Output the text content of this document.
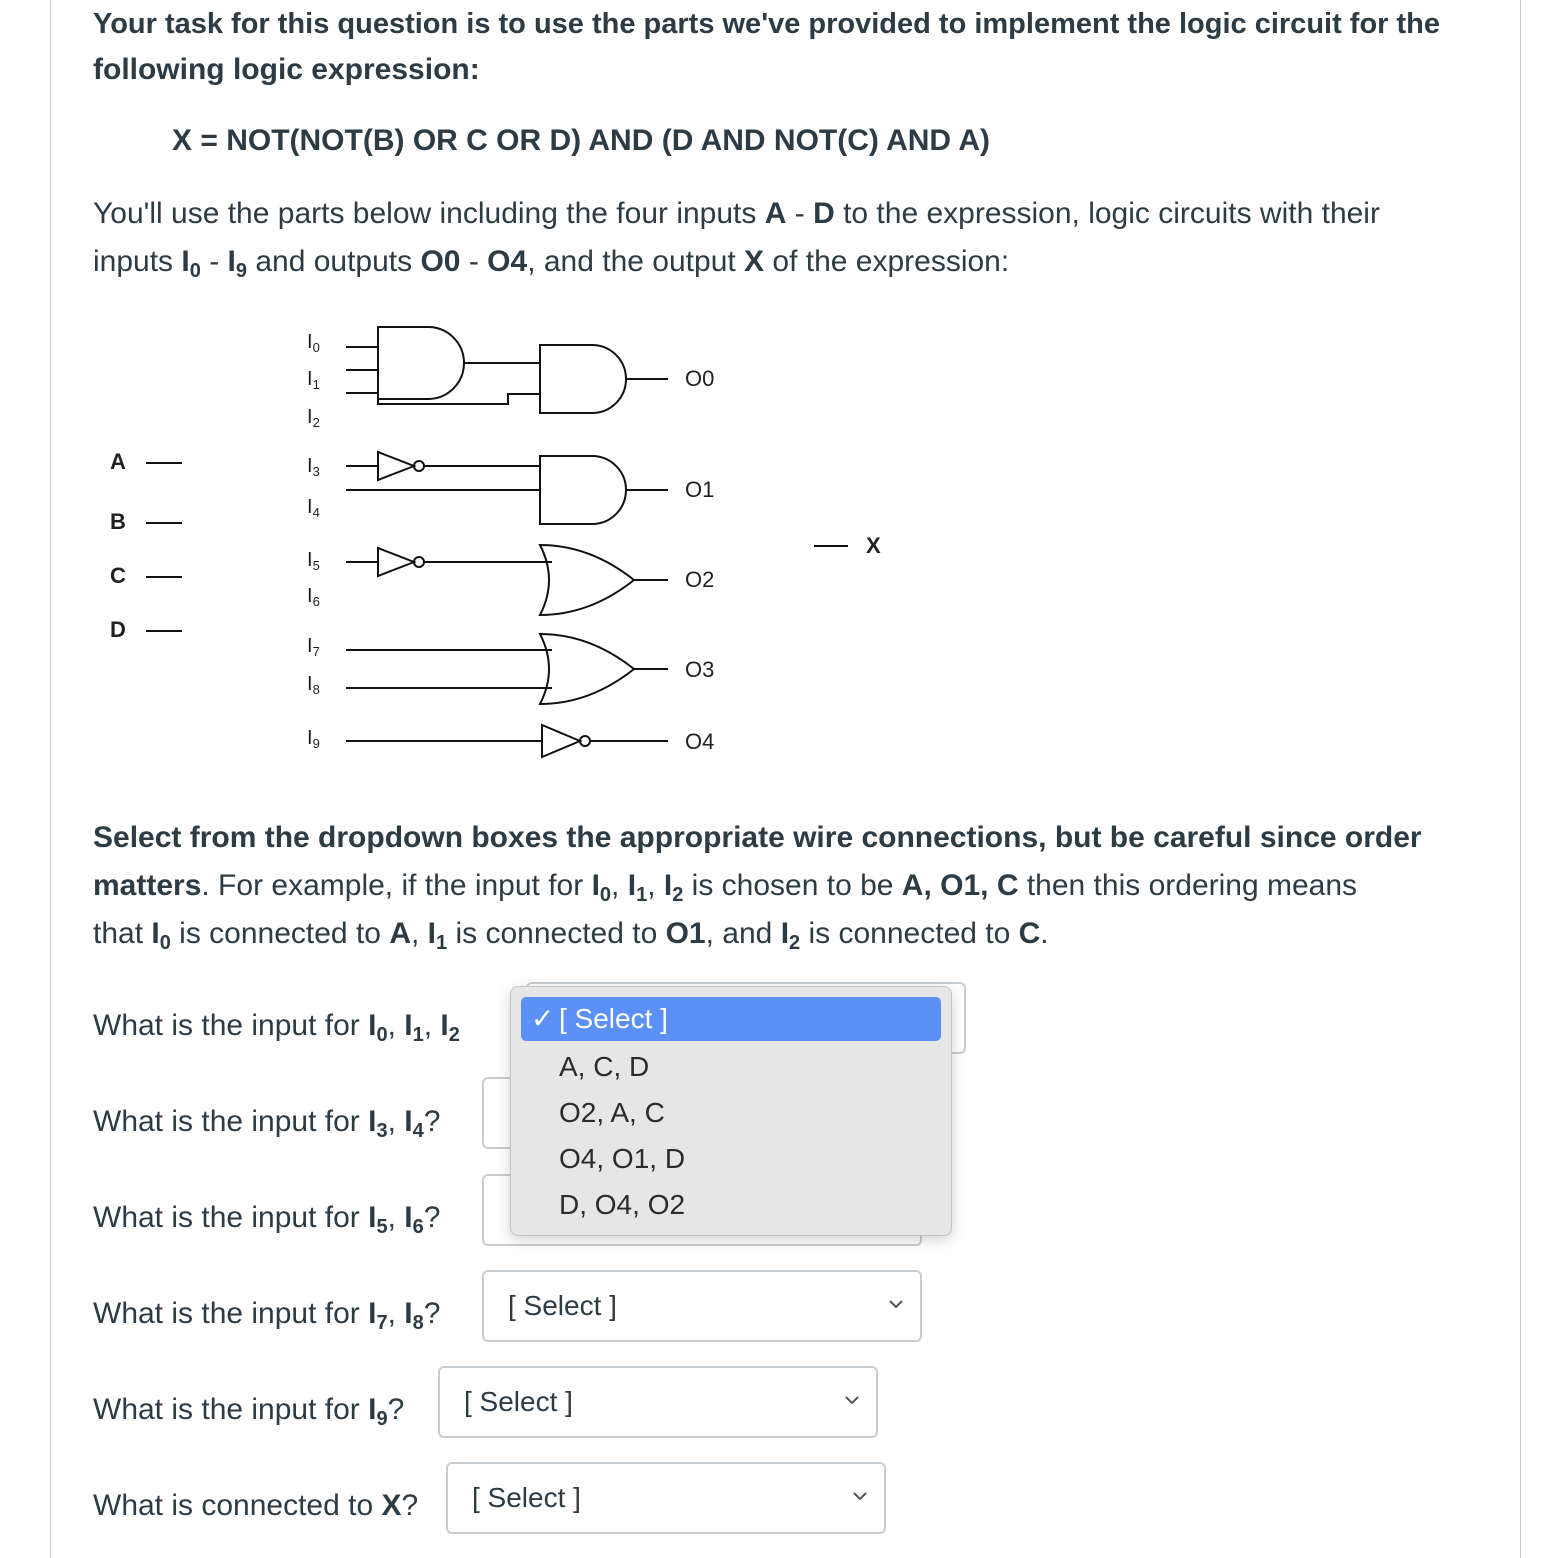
Your task for this question is to use the parts we've provided to implement the logic circuit for the

following logic expression:

X = NOT(NOT(B) OR C OR D) AND (D AND NOT(C) AND A)

You'll use the parts below including the four inputs A - D to the expression, logic circuits with their

inputs $I_0 - I_9$ and outputs O0 - O4, and the output X of the expression:

A
B
C
D
$I_0$
$I_1$
$I_2$
$I_3$
$I_4$
$I_5$
$I_6$
$I_7$
$I_8$
$I_9$
O0
O1
O2
O3
O4
X

Select from the dropdown boxes the appropriate wire connections, but be careful since order

matters. For example, if the input for $I_0$, $I_1$, $I_2$ is chosen to be A, O1, C then this ordering means

that $I_0$ is connected to A, $I_1$ is connected to O1, and $I_2$ is connected to C.

What is the input for $I_0$, $I_1$, $I_2$
What is the input for $I_3$, $I_4$?
What is the input for $I_5$, $I_6$?
What is the input for $I_7$, $I_8$? [ Select ]
What is the input for $I_9$? [ Select ]
What is connected to X? [ Select ]
✓ [ Select ]
A, C, D
O2, A, C
O4, O1, D
D, O4, O2
